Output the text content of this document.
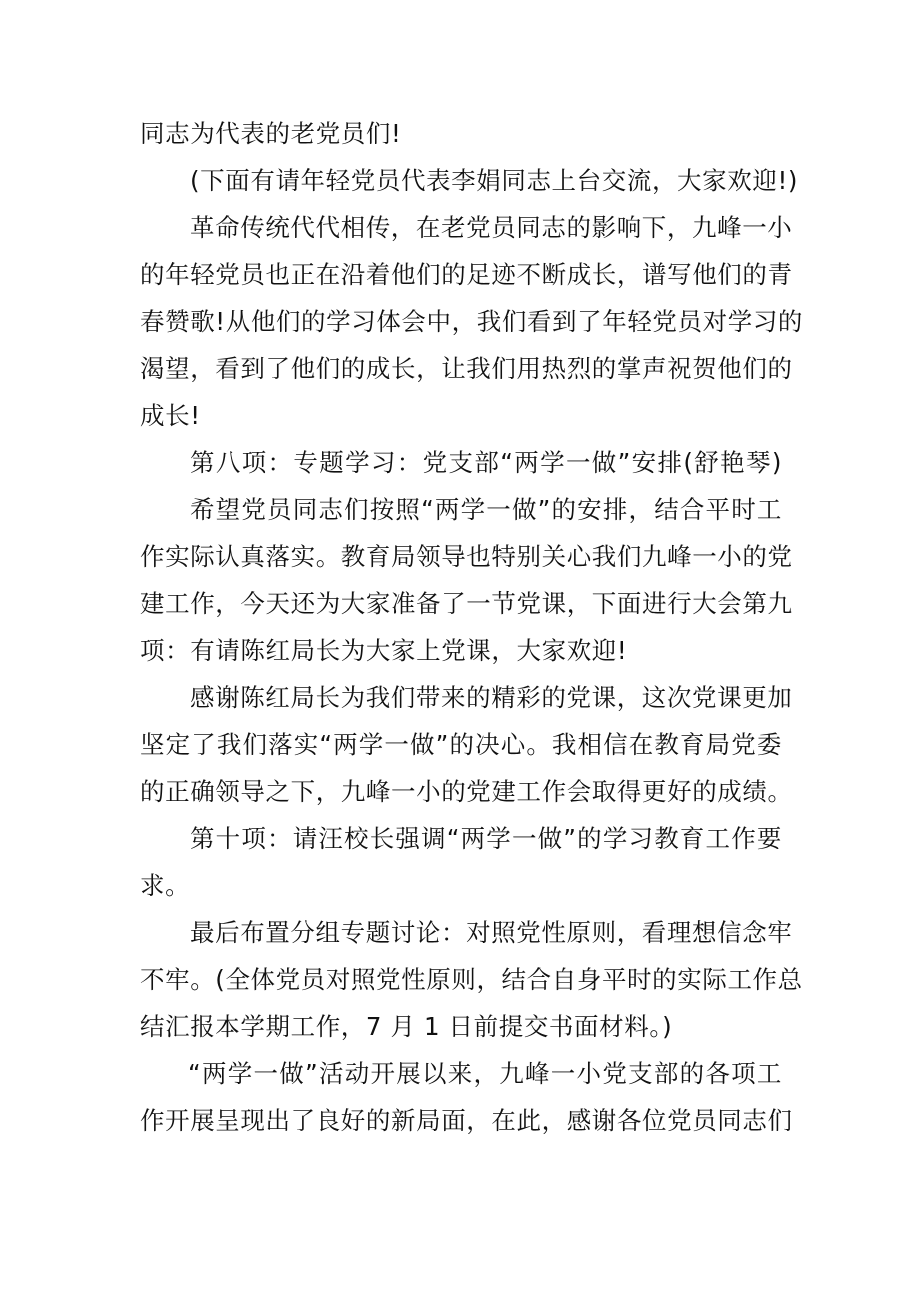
同志为代表的老党员们!
(下面有请年轻党员代表李娟同志上台交流，大家欢迎!)
革命传统代代相传，在老党员同志的影响下，九峰一小
的年轻党员也正在沿着他们的足迹不断成长，谱写他们的青
春赞歌!从他们的学习体会中，我们看到了年轻党员对学习的
渴望，看到了他们的成长，让我们用热烈的掌声祝贺他们的
成长!
第八项：专题学习：党支部“两学一做”安排(舒艳琴)
希望党员同志们按照“两学一做”的安排，结合平时工
作实际认真落实。教育局领导也特别关心我们九峰一小的党
建工作，今天还为大家准备了一节党课，下面进行大会第九
项：有请陈红局长为大家上党课，大家欢迎!
感谢陈红局长为我们带来的精彩的党课，这次党课更加
坚定了我们落实“两学一做”的决心。我相信在教育局党委
的正确领导之下，九峰一小的党建工作会取得更好的成绩。
第十项：请汪校长强调“两学一做”的学习教育工作要
求。
最后布置分组专题讨论：对照党性原则，看理想信念牢
不牢。(全体党员对照党性原则，结合自身平时的实际工作总
结汇报本学期工作，7 月 1 日前提交书面材料。)
“两学一做”活动开展以来，九峰一小党支部的各项工
作开展呈现出了良好的新局面，在此，感谢各位党员同志们
